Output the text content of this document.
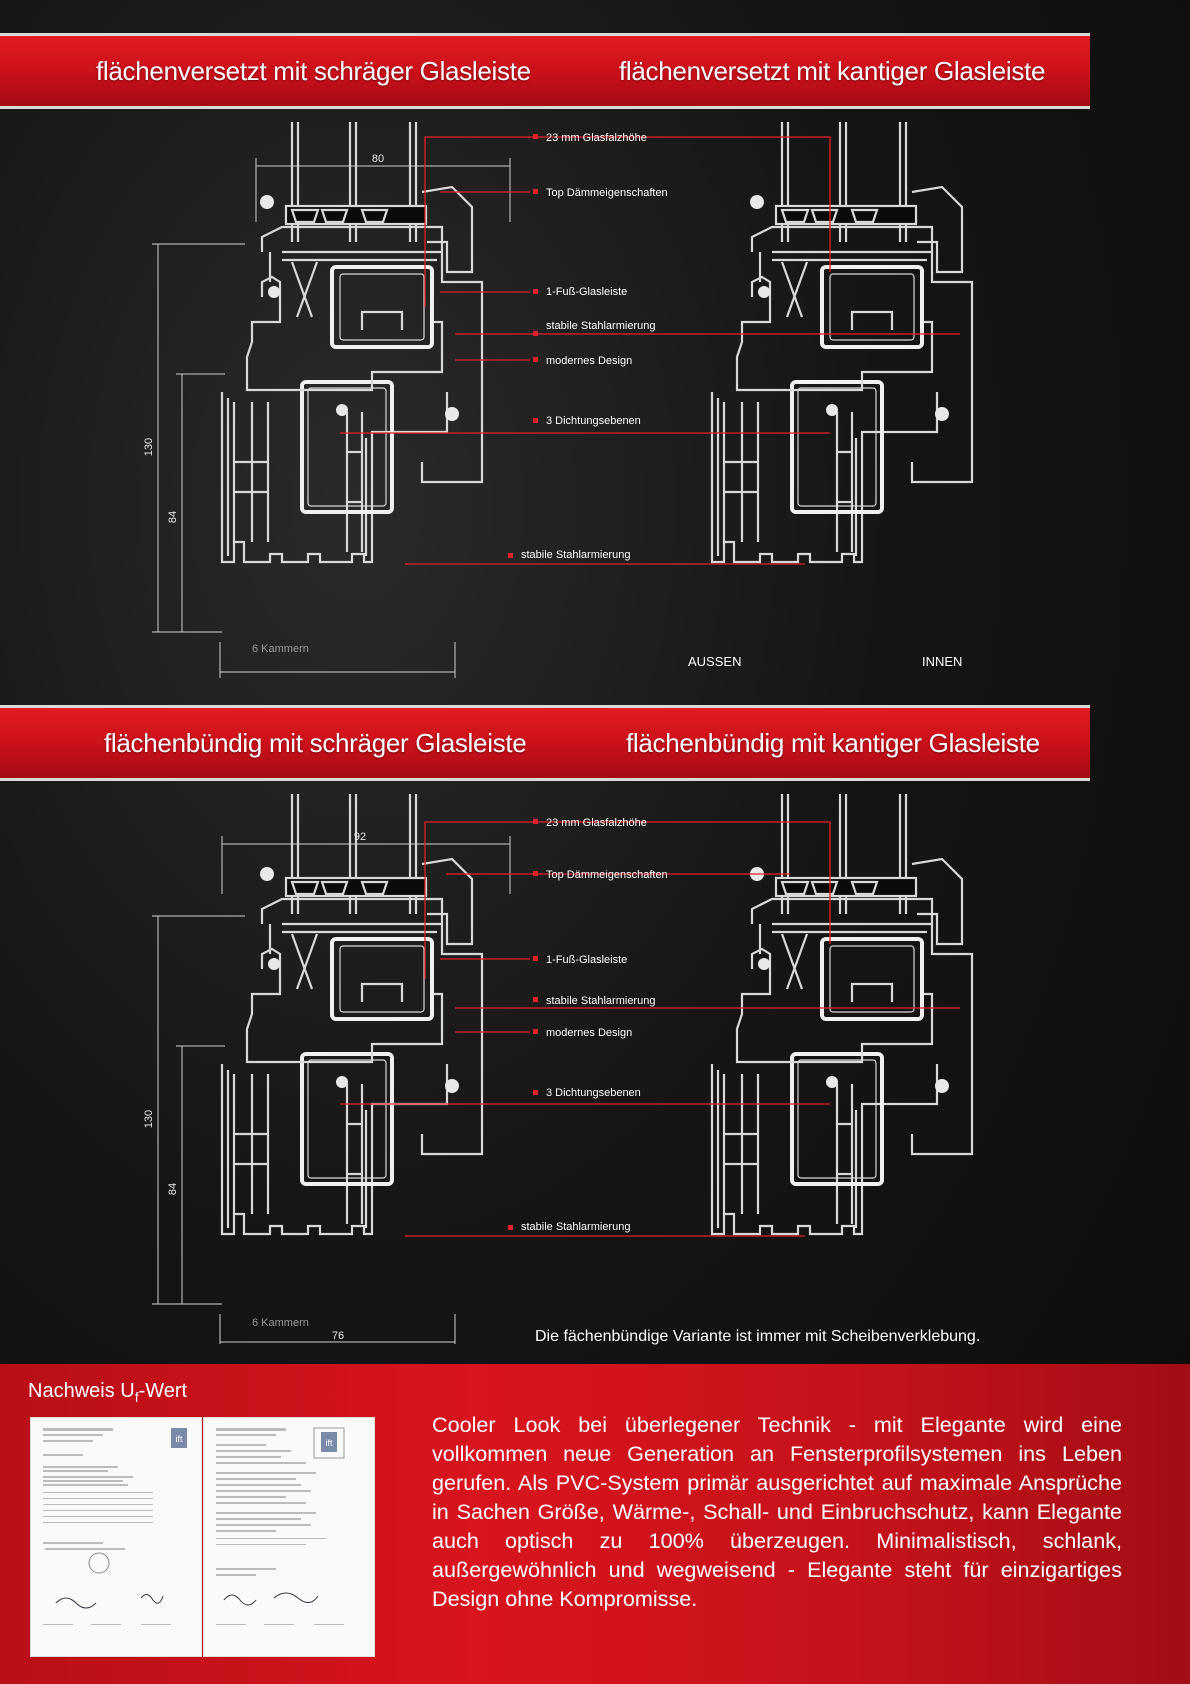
flächenversetzt mit schräger Glasleiste	flächenversetzt mit kantiger Glasleiste
80
130
84
6 Kammern
AUSSEN	INNEN
23 mm Glasfalzhöhe
Top Dämmeigenschaften
1-Fuß-Glasleiste
stabile Stahlarmierung
modernes Design
3 Dichtungsebenen
stabile Stahlarmierung
flächenbündig mit schräger Glasleiste	flächenbündig mit kantiger Glasleiste
92
130
84
6 Kammern
76
23 mm Glasfalzhöhe
Top Dämmeigenschaften
1-Fuß-Glasleiste
stabile Stahlarmierung
modernes Design
3 Dichtungsebenen
stabile Stahlarmierung
Die fächenbündige Variante ist immer mit Scheibenverklebung.
Nachweis $U_f$-Wert
ift	ift
Cooler Look bei überlegener Technik - mit Elegante wird eine vollkommen neue Generation an Fensterprofilsystemen ins Leben gerufen. Als PVC-System primär ausgerichtet auf maximale Ansprüche in Sachen Größe, Wärme-, Schall- und Einbruchschutz, kann Elegante auch optisch zu 100% überzeugen. Minimalistisch, schlank, außergewöhnlich und wegweisend - Elegante steht für einzigartiges Design ohne Kompromisse.
